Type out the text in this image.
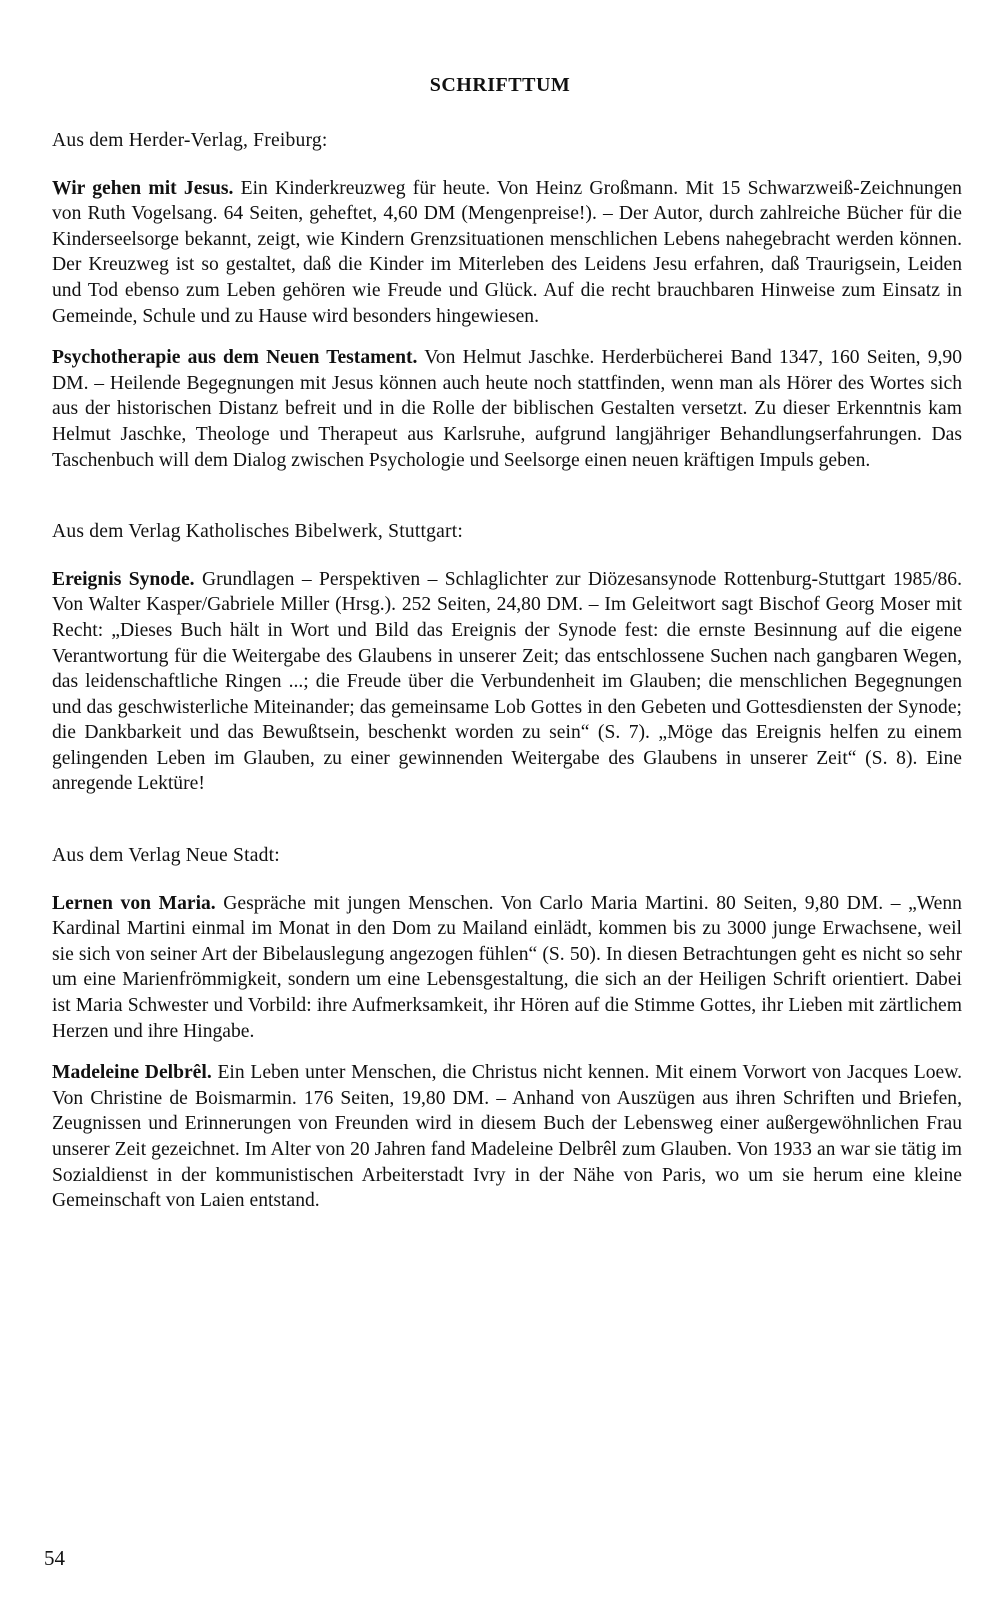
SCHRIFTTUM
Aus dem Herder-Verlag, Freiburg:

Wir gehen mit Jesus. Ein Kinderkreuzweg für heute. Von Heinz Großmann. Mit 15 Schwarzweiß-Zeichnungen von Ruth Vogelsang. 64 Seiten, geheftet, 4,60 DM (Mengenpreise!). – Der Autor, durch zahlreiche Bücher für die Kinderseelsorge bekannt, zeigt, wie Kindern Grenzsituationen menschlichen Lebens nahegebracht werden können. Der Kreuzweg ist so gestaltet, daß die Kinder im Miterleben des Leidens Jesu erfahren, daß Traurigsein, Leiden und Tod ebenso zum Leben gehören wie Freude und Glück. Auf die recht brauchbaren Hinweise zum Einsatz in Gemeinde, Schule und zu Hause wird besonders hingewiesen.

Psychotherapie aus dem Neuen Testament. Von Helmut Jaschke. Herderbücherei Band 1347, 160 Seiten, 9,90 DM. – Heilende Begegnungen mit Jesus können auch heute noch stattfinden, wenn man als Hörer des Wortes sich aus der historischen Distanz befreit und in die Rolle der biblischen Gestalten versetzt. Zu dieser Erkenntnis kam Helmut Jaschke, Theologe und Therapeut aus Karlsruhe, aufgrund langjähriger Behandlungserfahrungen. Das Taschenbuch will dem Dialog zwischen Psychologie und Seelsorge einen neuen kräftigen Impuls geben.

Aus dem Verlag Katholisches Bibelwerk, Stuttgart:

Ereignis Synode. Grundlagen – Perspektiven – Schlaglichter zur Diözesansynode Rottenburg-Stuttgart 1985/86. Von Walter Kasper/Gabriele Miller (Hrsg.). 252 Seiten, 24,80 DM. – Im Geleitwort sagt Bischof Georg Moser mit Recht: „Dieses Buch hält in Wort und Bild das Ereignis der Synode fest: die ernste Besinnung auf die eigene Verantwortung für die Weitergabe des Glaubens in unserer Zeit; das entschlossene Suchen nach gangbaren Wegen, das leidenschaftliche Ringen ...; die Freude über die Verbundenheit im Glauben; die menschlichen Begegnungen und das geschwisterliche Miteinander; das gemeinsame Lob Gottes in den Gebeten und Gottesdiensten der Synode; die Dankbarkeit und das Bewußtsein, beschenkt worden zu sein“ (S. 7). „Möge das Ereignis helfen zu einem gelingenden Leben im Glauben, zu einer gewinnenden Weitergabe des Glaubens in unserer Zeit“ (S. 8). Eine anregende Lektüre!

Aus dem Verlag Neue Stadt:

Lernen von Maria. Gespräche mit jungen Menschen. Von Carlo Maria Martini. 80 Seiten, 9,80 DM. – „Wenn Kardinal Martini einmal im Monat in den Dom zu Mailand einlädt, kommen bis zu 3000 junge Erwachsene, weil sie sich von seiner Art der Bibelauslegung angezogen fühlen“ (S. 50). In diesen Betrachtungen geht es nicht so sehr um eine Marienfrömmigkeit, sondern um eine Lebensgestaltung, die sich an der Heiligen Schrift orientiert. Dabei ist Maria Schwester und Vorbild: ihre Aufmerksamkeit, ihr Hören auf die Stimme Gottes, ihr Lieben mit zärtlichem Herzen und ihre Hingabe.

Madeleine Delbrêl. Ein Leben unter Menschen, die Christus nicht kennen. Mit einem Vorwort von Jacques Loew. Von Christine de Boismarmin. 176 Seiten, 19,80 DM. – Anhand von Auszügen aus ihren Schriften und Briefen, Zeugnissen und Erinnerungen von Freunden wird in diesem Buch der Lebensweg einer außergewöhnlichen Frau unserer Zeit gezeichnet. Im Alter von 20 Jahren fand Madeleine Delbrêl zum Glauben. Von 1933 an war sie tätig im Sozialdienst in der kommunistischen Arbeiterstadt Ivry in der Nähe von Paris, wo um sie herum eine kleine Gemeinschaft von Laien entstand.

54
